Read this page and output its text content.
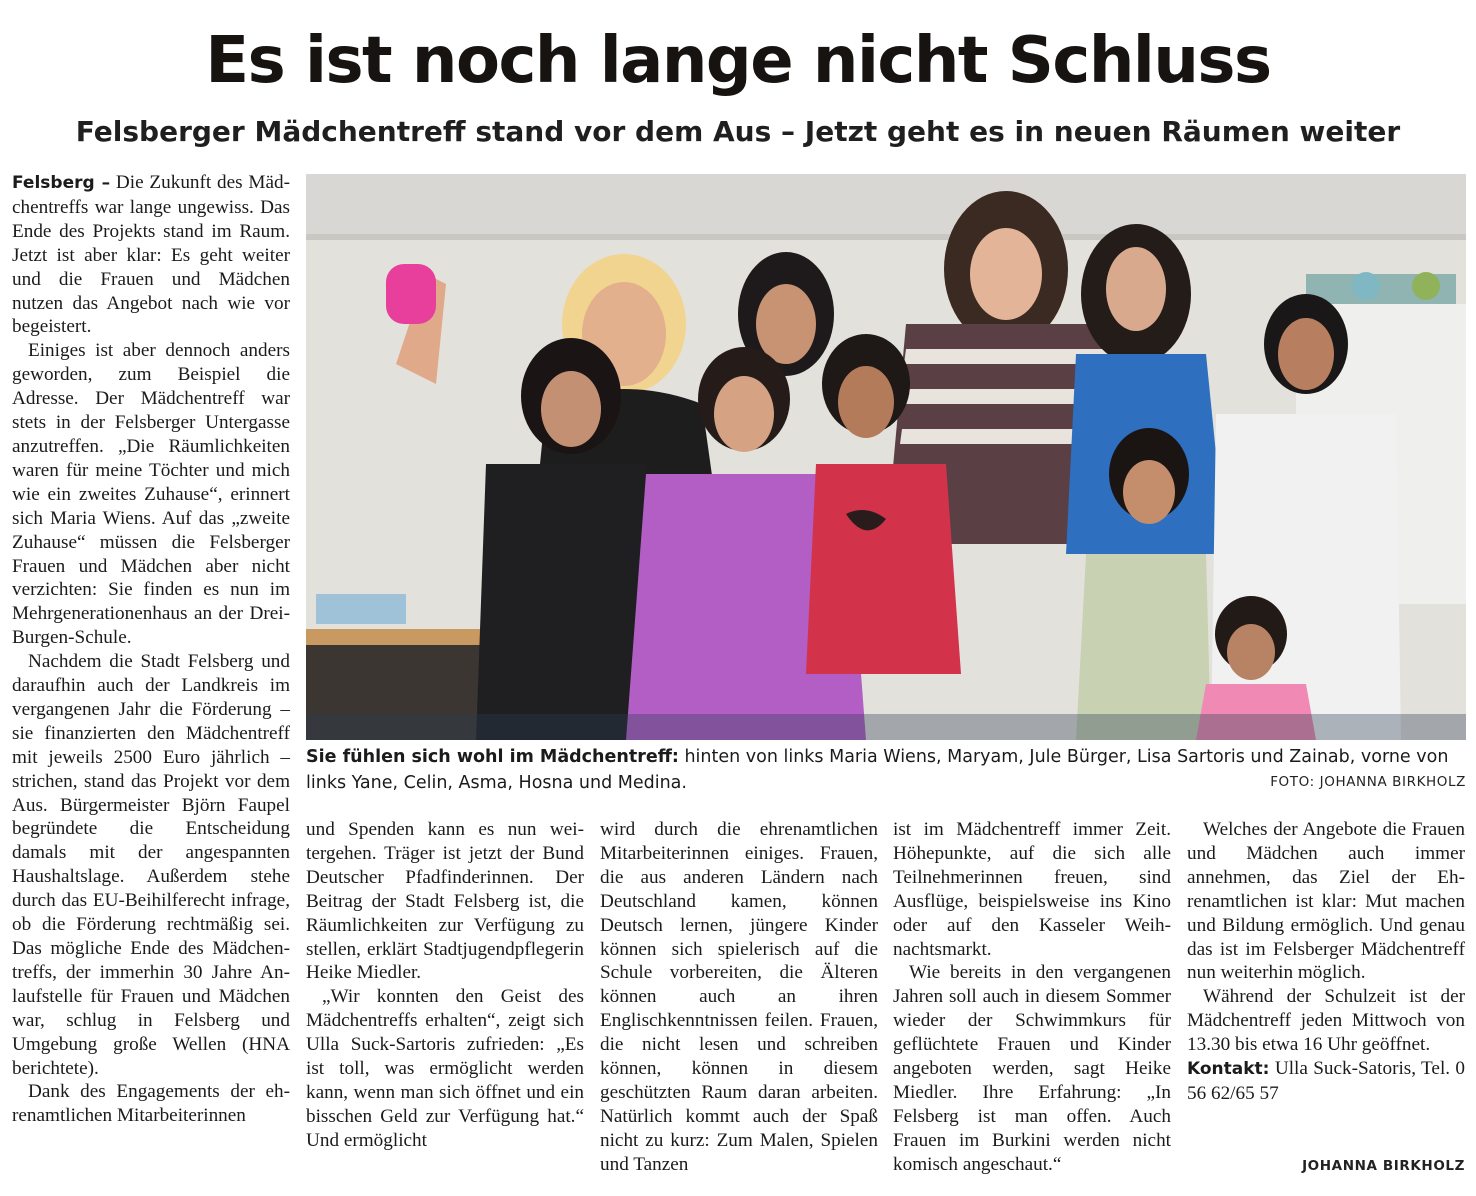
Es ist noch lange nicht Schluss
Felsberger Mädchentreff stand vor dem Aus – Jetzt geht es in neuen Räumen weiter

Felsberg – Die Zukunft des Mädchentreffs war lange ungewiss. Das Ende des Projekts stand im Raum. Jetzt ist aber klar: Es geht weiter und die Frauen und Mädchen nutzen das Angebot nach wie vor begeistert.

Einiges ist aber dennoch anders geworden, zum Beispiel die Adresse. Der Mädchentreff war stets in der Felsberger Untergasse anzutreffen. „Die Räumlichkeiten waren für meine Töchter und mich wie ein zweites Zuhause“, erinnert sich Maria Wiens. Auf das „zweite Zuhause“ müssen die Felsberger Frauen und Mädchen aber nicht verzichten: Sie finden es nun im Mehrgenerationenhaus an der Drei-Burgen-Schule.

Nachdem die Stadt Felsberg und daraufhin auch der Landkreis im vergangenen Jahr die Förderung – sie finanzierten den Mädchentreff mit jeweils 2500 Euro jährlich – strichen, stand das Projekt vor dem Aus. Bürgermeister Björn Faupel begründete die Entscheidung damals mit der angespannten Haushaltslage. Außerdem stehe durch das EU-Beihilferecht infrage, ob die Förderung rechtmäßig sei. Das mögliche Ende des Mädchentreffs, der immerhin 30 Jahre Anlaufstelle für Frauen und Mädchen war, schlug in Felsberg und Umgebung große Wellen (HNA berichtete).

Dank des Engagements der ehrenamtlichen Mitarbeiterinnen

Sie fühlen sich wohl im Mädchentreff: hinten von links Maria Wiens, Maryam, Jule Bürger, Lisa Sartoris und Zainab, vorne von links Yane, Celin, Asma, Hosna und Medina.	FOTO: JOHANNA BIRKHOLZ

und Spenden kann es nun weitergehen. Träger ist jetzt der Bund Deutscher Pfadfinderinnen. Der Beitrag der Stadt Felsberg ist, die Räumlichkeiten zur Verfügung zu stellen, erklärt Stadtjugendpflegerin Heike Miedler.

„Wir konnten den Geist des Mädchentreffs erhalten“, zeigt sich Ulla Suck-Sartoris zufrieden: „Es ist toll, was ermöglicht werden kann, wenn man sich öffnet und ein bisschen Geld zur Verfügung hat.“ Und ermöglicht

wird durch die ehrenamtlichen Mitarbeiterinnen einiges. Frauen, die aus anderen Ländern nach Deutschland kamen, können Deutsch lernen, jüngere Kinder können sich spielerisch auf die Schule vorbereiten, die Älteren können auch an ihren Englischkenntnissen feilen. Frauen, die nicht lesen und schreiben können, können in diesem geschützten Raum daran arbeiten. Natürlich kommt auch der Spaß nicht zu kurz: Zum Malen, Spielen und Tanzen

ist im Mädchentreff immer Zeit. Höhepunkte, auf die sich alle Teilnehmerinnen freuen, sind Ausflüge, beispielsweise ins Kino oder auf den Kasseler Weihnachtsmarkt.

Wie bereits in den vergangenen Jahren soll auch in diesem Sommer wieder der Schwimmkurs für geflüchtete Frauen und Kinder angeboten werden, sagt Heike Miedler. Ihre Erfahrung: „In Felsberg ist man offen. Auch Frauen im Burkini werden nicht komisch angeschaut.“

Welches der Angebote die Frauen und Mädchen auch immer annehmen, das Ziel der Ehrenamtlichen ist klar: Mut machen und Bildung ermöglich. Und genau das ist im Felsberger Mädchentreff nun weiterhin möglich.

Während der Schulzeit ist der Mädchentreff jeden Mittwoch von 13.30 bis etwa 16 Uhr geöffnet.

Kontakt: Ulla Suck-Satoris, Tel. 0 56 62/65 57

JOHANNA BIRKHOLZ
